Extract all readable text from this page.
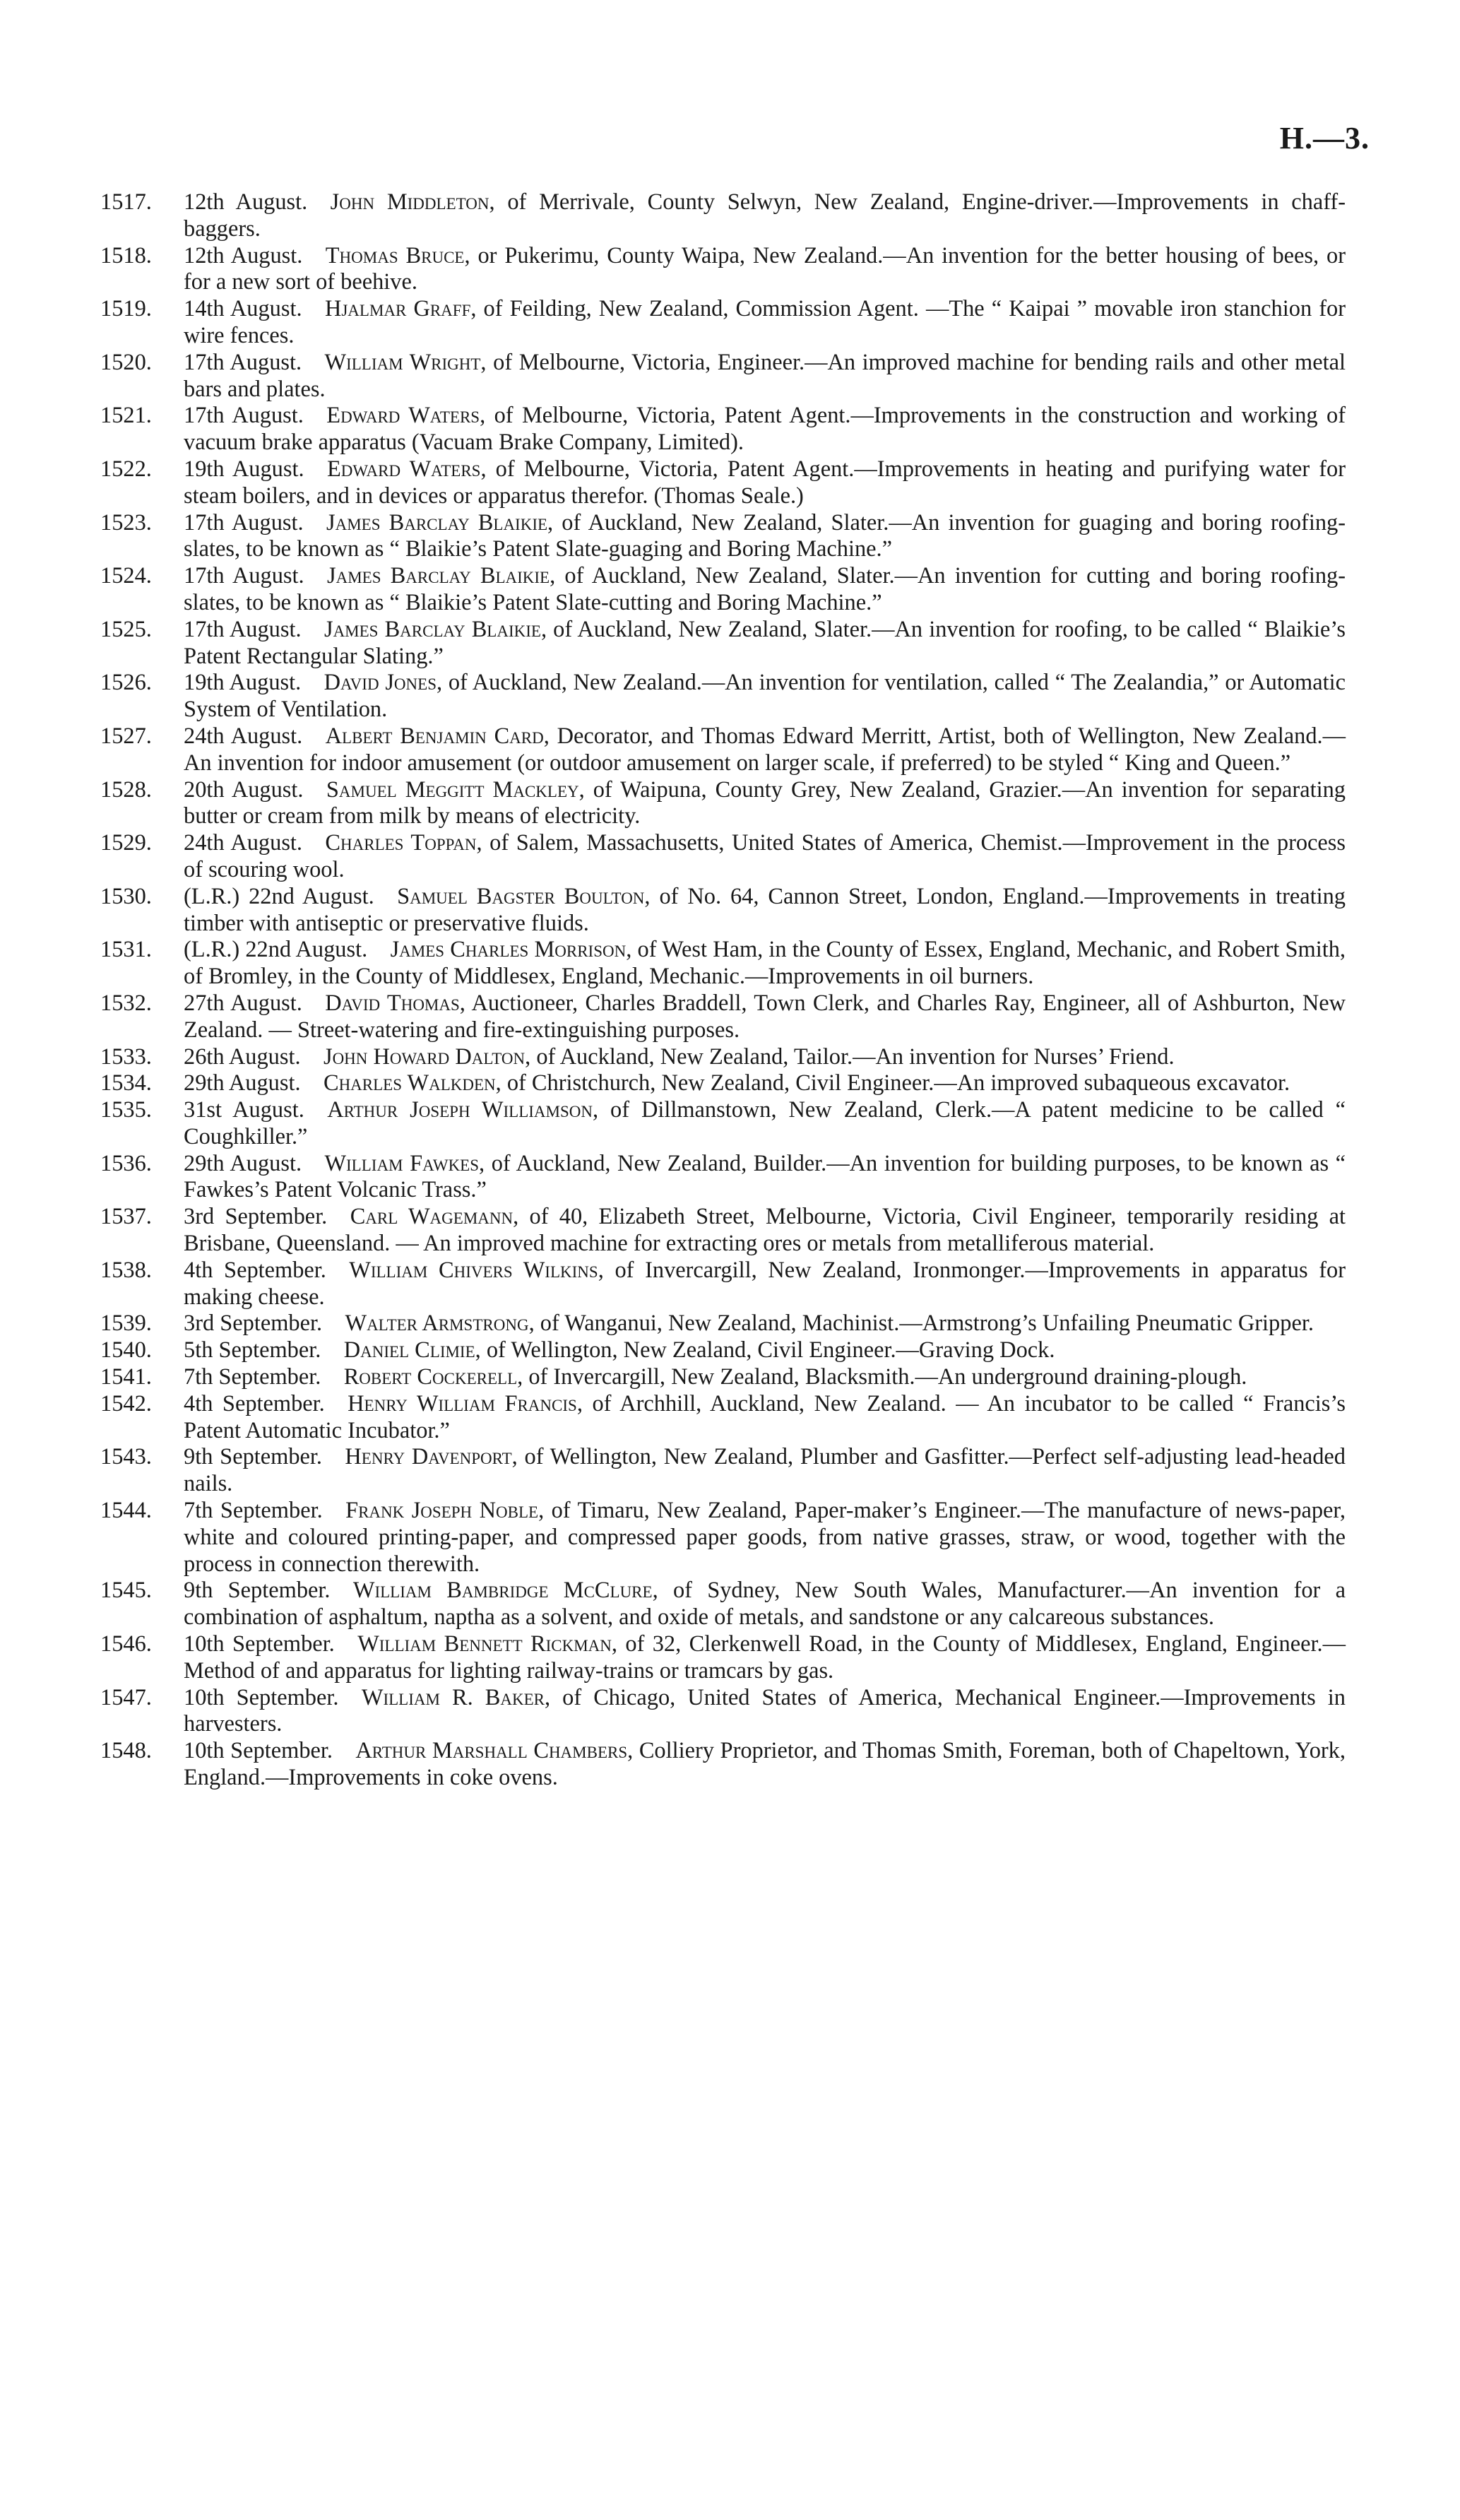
H.—3.
1517.	12th August.   John Middleton, of Merrivale, County Selwyn, New Zealand, Engine-driver.—Improvements in chaff-baggers.
1518.	12th August.   Thomas Bruce, or Pukerimu, County Waipa, New Zealand.—An invention for the better housing of bees, or for a new sort of beehive.
1519.	14th August.   Hjalmar Graff, of Feilding, New Zealand, Commission Agent. —The “ Kaipai ” movable iron stanchion for wire fences.
1520.	17th August.   William Wright, of Melbourne, Victoria, Engineer.—An improved machine for bending rails and other metal bars and plates.
1521.	17th August.   Edward Waters, of Melbourne, Victoria, Patent Agent.—Improvements in the construction and working of vacuum brake apparatus (Vacuam Brake Company, Limited).
1522.	19th August.   Edward Waters, of Melbourne, Victoria, Patent Agent.—Improvements in heating and purifying water for steam boilers, and in devices or apparatus therefor. (Thomas Seale.)
1523.	17th August.   James Barclay Blaikie, of Auckland, New Zealand, Slater.—An invention for guaging and boring roofing-slates, to be known as “ Blaikie’s Patent Slate-guaging and Boring Machine.”
1524.	17th August.   James Barclay Blaikie, of Auckland, New Zealand, Slater.—An invention for cutting and boring roofing-slates, to be known as “ Blaikie’s Patent Slate-cutting and Boring Machine.”
1525.	17th August.   James Barclay Blaikie, of Auckland, New Zealand, Slater.—An invention for roofing, to be called “ Blaikie’s Patent Rectangular Slating.”
1526.	19th August.   David Jones, of Auckland, New Zealand.—An invention for ventilation, called “ The Zealandia,” or Automatic System of Ventilation.
1527.	24th August.   Albert Benjamin Card, Decorator, and Thomas Edward Merritt, Artist, both of Wellington, New Zealand.—An invention for indoor amusement (or outdoor amusement on larger scale, if preferred) to be styled “ King and Queen.”
1528.	20th August.   Samuel Meggitt Mackley, of Waipuna, County Grey, New Zealand, Grazier.—An invention for separating butter or cream from milk by means of electricity.
1529.	24th August.   Charles Toppan, of Salem, Massachusetts, United States of America, Chemist.—Improvement in the process of scouring wool.
1530.	(L.R.) 22nd August.   Samuel Bagster Boulton, of No. 64, Cannon Street, London, England.—Improvements in treating timber with antiseptic or preservative fluids.
1531.	(L.R.) 22nd August.   James Charles Morrison, of West Ham, in the County of Essex, England, Mechanic, and Robert Smith, of Bromley, in the County of Middlesex, England, Mechanic.—Improvements in oil burners.
1532.	27th August.   David Thomas, Auctioneer, Charles Braddell, Town Clerk, and Charles Ray, Engineer, all of Ashburton, New Zealand. — Street-watering and fire-extinguishing purposes.
1533.	26th August.   John Howard Dalton, of Auckland, New Zealand, Tailor.—An invention for Nurses’ Friend.
1534.	29th August.   Charles Walkden, of Christchurch, New Zealand, Civil Engineer.—An improved subaqueous excavator.
1535.	31st August.   Arthur Joseph Williamson, of Dillmanstown, New Zealand, Clerk.—A patent medicine to be called “ Coughkiller.”
1536.	29th August.   William Fawkes, of Auckland, New Zealand, Builder.—An invention for building purposes, to be known as “ Fawkes’s Patent Volcanic Trass.”
1537.	3rd September.   Carl Wagemann, of 40, Elizabeth Street, Melbourne, Victoria, Civil Engineer, temporarily residing at Brisbane, Queensland. — An improved machine for extracting ores or metals from metalliferous material.
1538.	4th September.   William Chivers Wilkins, of Invercargill, New Zealand, Ironmonger.—Improvements in apparatus for making cheese.
1539.	3rd September.   Walter Armstrong, of Wanganui, New Zealand, Machinist.—Armstrong’s Unfailing Pneumatic Gripper.
1540.	5th September.   Daniel Climie, of Wellington, New Zealand, Civil Engineer.—Graving Dock.
1541.	7th September.   Robert Cockerell, of Invercargill, New Zealand, Blacksmith.—An underground draining-plough.
1542.	4th September.   Henry William Francis, of Archhill, Auckland, New Zealand. — An incubator to be called “ Francis’s Patent Automatic Incubator.”
1543.	9th September.   Henry Davenport, of Wellington, New Zealand, Plumber and Gasfitter.—Perfect self-adjusting lead-headed nails.
1544.	7th September.   Frank Joseph Noble, of Timaru, New Zealand, Paper-maker’s Engineer.—The manufacture of news-paper, white and coloured printing-paper, and compressed paper goods, from native grasses, straw, or wood, together with the process in connection therewith.
1545.	9th September.   William Bambridge McClure, of Sydney, New South Wales, Manufacturer.—An invention for a combination of asphaltum, naptha as a solvent, and oxide of metals, and sandstone or any calcareous substances.
1546.	10th September.   William Bennett Rickman, of 32, Clerkenwell Road, in the County of Middlesex, England, Engineer.—Method of and apparatus for lighting railway-trains or tramcars by gas.
1547.	10th September.   William R. Baker, of Chicago, United States of America, Mechanical Engineer.—Improvements in harvesters.
1548.	10th September.   Arthur Marshall Chambers, Colliery Proprietor, and Thomas Smith, Foreman, both of Chapeltown, York, England.—Improvements in coke ovens.
